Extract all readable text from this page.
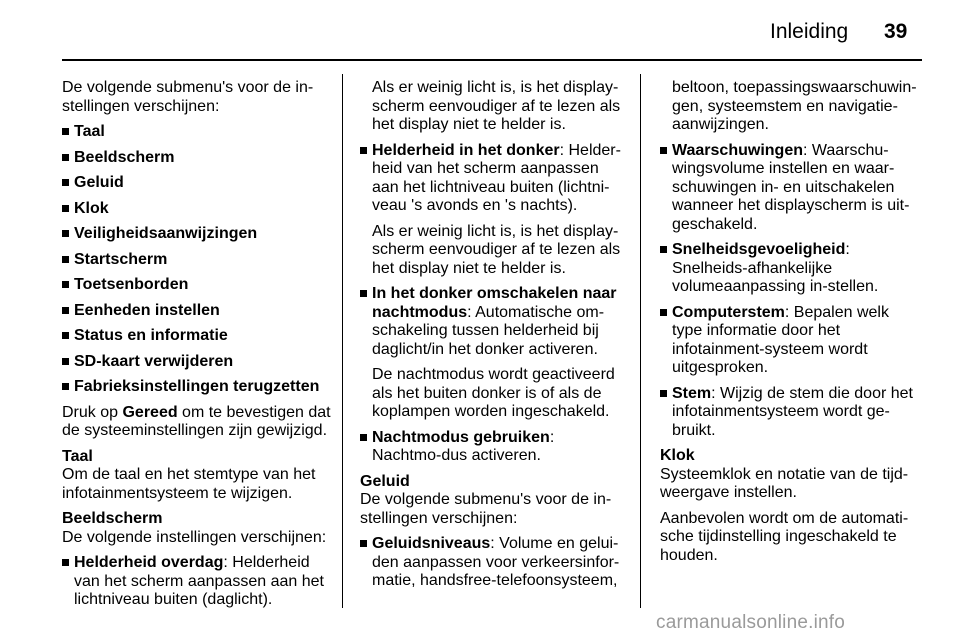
Inleiding 39

De volgende submenu's voor de in-stellingen verschijnen:

Taal
Beeldscherm
Geluid
Klok
Veiligheidsaanwijzingen
Startscherm
Toetsenborden
Eenheden instellen
Status en informatie
SD-kaart verwijderen
Fabrieksinstellingen terugzetten

Druk op Gereed om te bevestigen dat de systeeminstellingen zijn gewijzigd.

Taal
Om de taal en het stemtype van het infotainmentsysteem te wijzigen.
Beeldscherm
De volgende instellingen verschijnen:
Helderheid overdag: Helderheid van het scherm aanpassen aan het lichtniveau buiten (daglicht).

Als er weinig licht is, is het display-scherm eenvoudiger af te lezen als het display niet te helder is.

Helderheid in het donker: Helder-heid van het scherm aanpassen aan het lichtniveau buiten (lichtni-veau 's avonds en 's nachts).

Als er weinig licht is, is het display-scherm eenvoudiger af te lezen als het display niet te helder is.

In het donker omschakelen naar nachtmodus: Automatische om-schakeling tussen helderheid bij daglicht/in het donker activeren.

De nachtmodus wordt geactiveerd als het buiten donker is of als de koplampen worden ingeschakeld.

Nachtmodus gebruiken: Nachtmo-dus activeren.
Geluid
De volgende submenu's voor de in-stellingen verschijnen:
Geluidsniveaus: Volume en gelui-den aanpassen voor verkeersinfor-matie, handsfree-telefoonsysteem,

beltoon, toepassingswaarschuwin-gen, systeemstem en navigatie-aanwijzingen.

Waarschuwingen: Waarschu-wingsvolume instellen en waar-schuwingen in- en uitschakelen wanneer het displayscherm is uit-geschakeld.
Snelheidsgevoeligheid: Snelheids-afhankelijke volumeaanpassing in-stellen.
Computerstem: Bepalen welk type informatie door het infotainment-systeem wordt uitgesproken.
Stem: Wijzig de stem die door het infotainmentsysteem wordt ge-bruikt.
Klok
Systeemklok en notatie van de tijd-weergave instellen.

Aanbevolen wordt om de automati-sche tijdinstelling ingeschakeld te houden.

carmanualsonline.info
